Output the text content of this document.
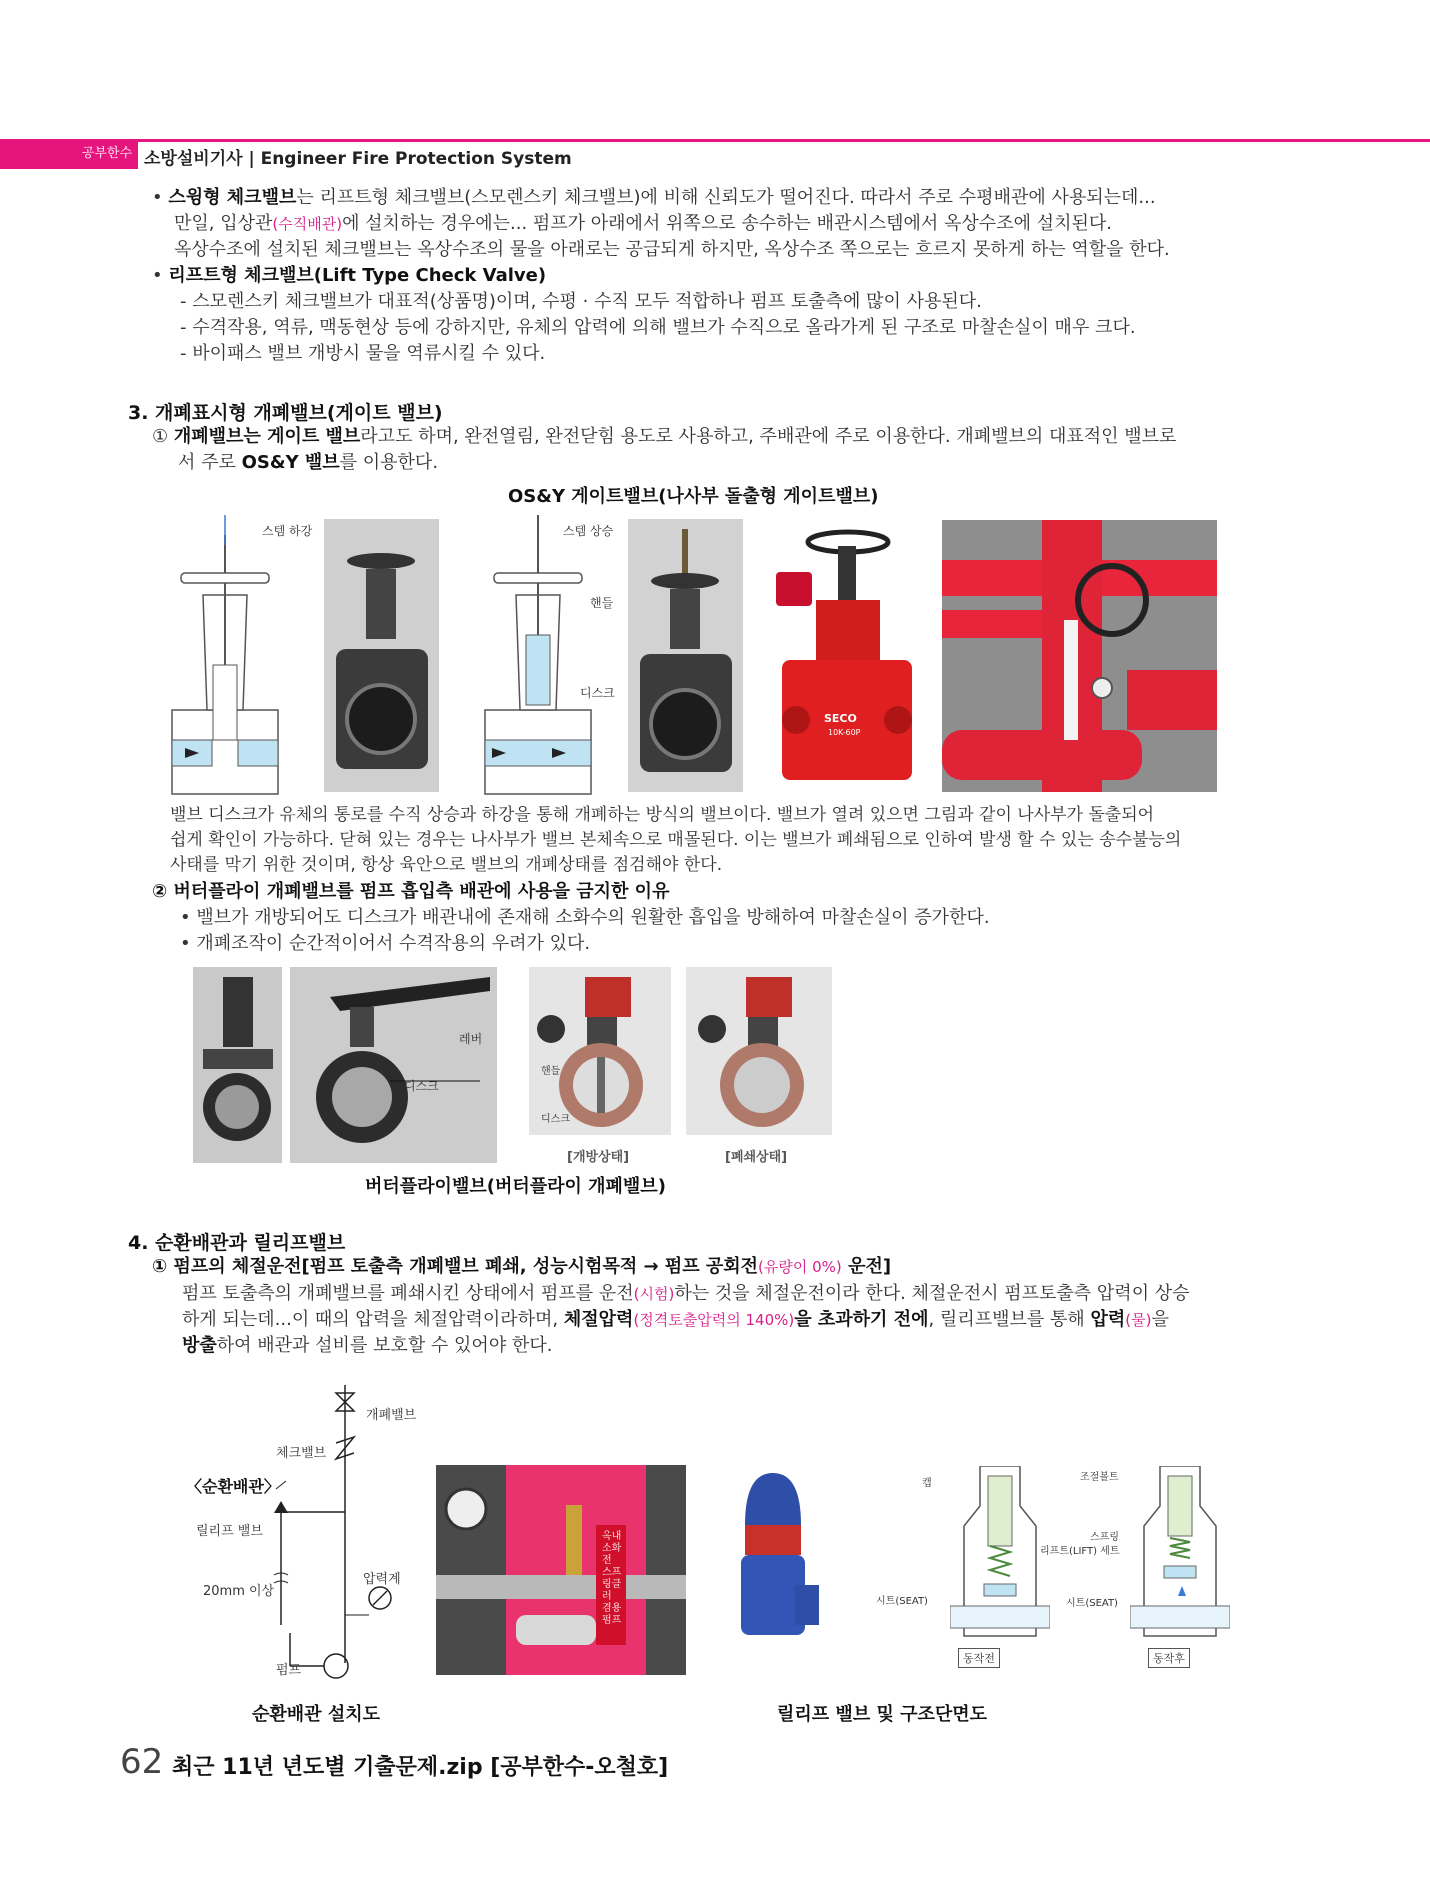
공부한수 소방설비기사 | Engineer Fire Protection System
• 스윙형 체크밸브는 리프트형 체크밸브(스모렌스키 체크밸브)에 비해 신뢰도가 떨어진다. 따라서 주로 수평배관에 사용되는데...
만일, 입상관(수직배관)에 설치하는 경우에는... 펌프가 아래에서 위쪽으로 송수하는 배관시스템에서 옥상수조에 설치된다.
옥상수조에 설치된 체크밸브는 옥상수조의 물을 아래로는 공급되게 하지만, 옥상수조 쪽으로는 흐르지 못하게 하는 역할을 한다.
• 리프트형 체크밸브(Lift Type Check Valve)
- 스모렌스키 체크밸브가 대표적(상품명)이며, 수평 · 수직 모두 적합하나 펌프 토출측에 많이 사용된다.
- 수격작용, 역류, 맥동현상 등에 강하지만, 유체의 압력에 의해 밸브가 수직으로 올라가게 된 구조로 마찰손실이 매우 크다.
- 바이패스 밸브 개방시 물을 역류시킬 수 있다.
3. 개폐표시형 개폐밸브(게이트 밸브)
① 개폐밸브는 게이트 밸브라고도 하며, 완전열림, 완전닫힘 용도로 사용하고, 주배관에 주로 이용한다. 개폐밸브의 대표적인 밸브로
서 주로 OS&Y 밸브를 이용한다.
OS&Y 게이트밸브(나사부 돌출형 게이트밸브)
스템 하강	스템 상승
핸들
디스크
SECO
10K-60P
밸브 디스크가 유체의 통로를 수직 상승과 하강을 통해 개폐하는 방식의 밸브이다. 밸브가 열려 있으면 그림과 같이 나사부가 돌출되어
쉽게 확인이 가능하다. 닫혀 있는 경우는 나사부가 밸브 본체속으로 매몰된다. 이는 밸브가 폐쇄됨으로 인하여 발생 할 수 있는 송수불능의
사태를 막기 위한 것이며, 항상 육안으로 밸브의 개폐상태를 점검해야 한다.
② 버터플라이 개폐밸브를 펌프 흡입측 배관에 사용을 금지한 이유
• 밸브가 개방되어도 디스크가 배관내에 존재해 소화수의 원활한 흡입을 방해하여 마찰손실이 증가한다.
• 개폐조작이 순간적이어서 수격작용의 우려가 있다.
레버
디스크
핸들
디스크
[개방상태]	[폐쇄상태]
버터플라이밸브(버터플라이 개폐밸브)
4. 순환배관과 릴리프밸브
① 펌프의 체절운전[펌프 토출측 개폐밸브 폐쇄, 성능시험목적 → 펌프 공회전(유량이 0%) 운전]
펌프 토출측의 개폐밸브를 폐쇄시킨 상태에서 펌프를 운전(시험)하는 것을 체절운전이라 한다. 체절운전시 펌프토출측 압력이 상승
하게 되는데...이 때의 압력을 체절압력이라하며, 체절압력(정격토출압력의 140%)을 초과하기 전에, 릴리프밸브를 통해 압력(물)을
방출하여 배관과 설비를 보호할 수 있어야 한다.
개폐밸브
체크밸브
〈순환배관〉
릴리프 밸브
20mm 이상
압력계
펌프
순환배관 설치도
옥내소화전 스프링클러 겸용 펌프
캡
시트(SEAT)
동작전
조절볼트
스프링
리프트(LIFT) 세트
시트(SEAT)
동작후
릴리프 밸브 및 구조단면도
62 최근 11년 년도별 기출문제.zip [공부한수-오철호]
